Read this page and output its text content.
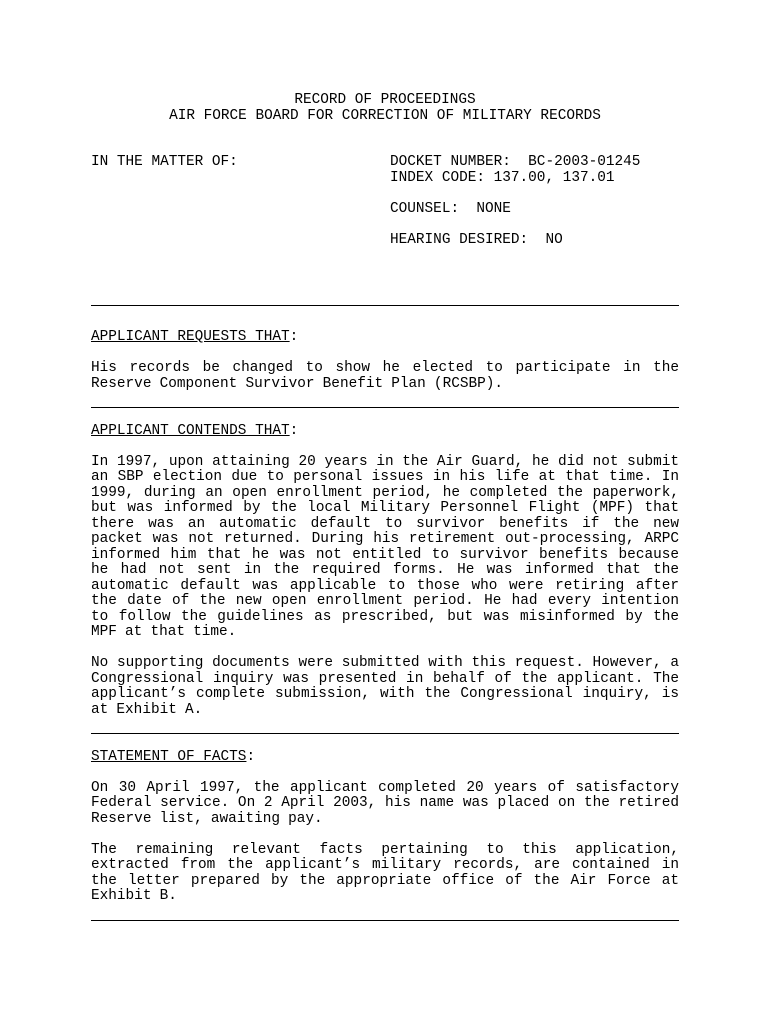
RECORD OF PROCEEDINGS
AIR FORCE BOARD FOR CORRECTION OF MILITARY RECORDS
IN THE MATTER OF:	DOCKET NUMBER:  BC-2003-01245
INDEX CODE: 137.00, 137.01
COUNSEL:  NONE
HEARING DESIRED:  NO
APPLICANT REQUESTS THAT:
His records be changed to show he elected to participate in the Reserve Component Survivor Benefit Plan (RCSBP).
APPLICANT CONTENDS THAT:
In 1997, upon attaining 20 years in the Air Guard, he did not submit an SBP election due to personal issues in his life at that time. In 1999, during an open enrollment period, he completed the paperwork, but was informed by the local Military Personnel Flight (MPF) that there was an automatic default to survivor benefits if the new packet was not returned. During his retirement out-processing, ARPC informed him that he was not entitled to survivor benefits because he had not sent in the required forms. He was informed that the automatic default was applicable to those who were retiring after the date of the new open enrollment period. He had every intention to follow the guidelines as prescribed, but was misinformed by the MPF at that time.
No supporting documents were submitted with this request. However, a Congressional inquiry was presented in behalf of the applicant. The applicant’s complete submission, with the Congressional inquiry, is at Exhibit A.
STATEMENT OF FACTS:
On 30 April 1997, the applicant completed 20 years of satisfactory Federal service. On 2 April 2003, his name was placed on the retired Reserve list, awaiting pay.
The remaining relevant facts pertaining to this application, extracted from the applicant’s military records, are contained in the letter prepared by the appropriate office of the Air Force at Exhibit B.
